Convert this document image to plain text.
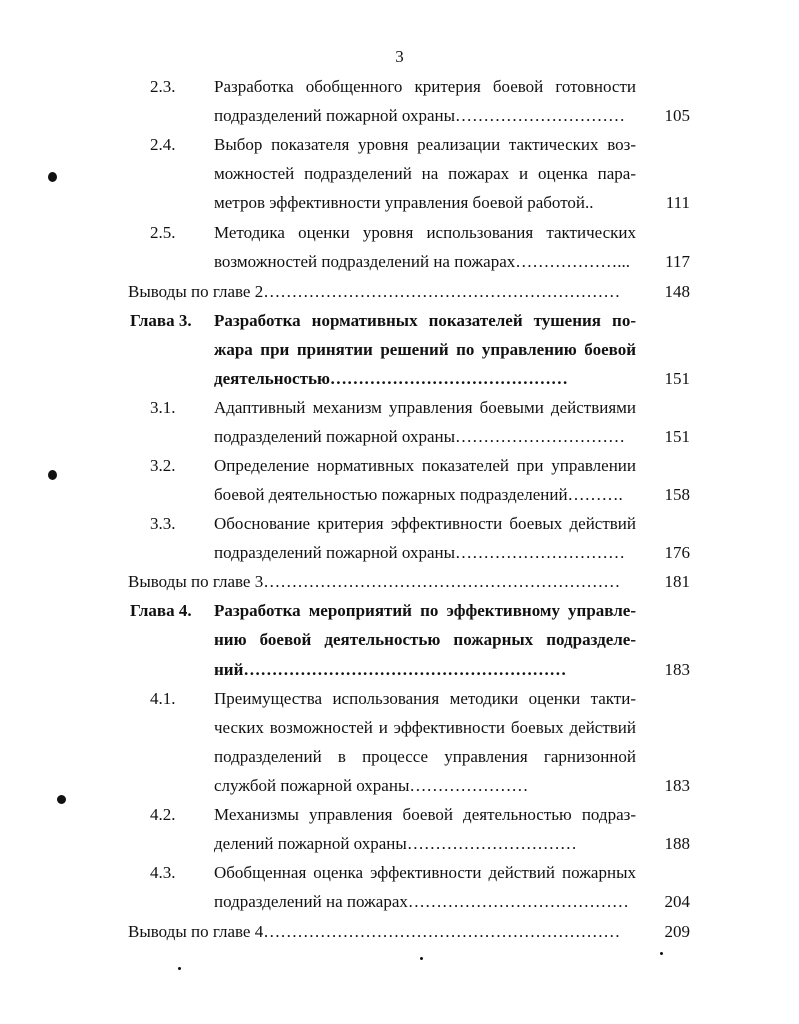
3
2.3. Разработка обобщенного критерия боевой готовности
подразделений пожарной охраны………………………… 105
2.4. Выбор показателя уровня реализации тактических воз-
можностей подразделений на пожарах и оценка пара-
метров эффективности управления боевой работой..	111
2.5. Методика оценки уровня использования тактических
возможностей подразделений на пожарах………………...	117
Выводы по главе 2………………………………………………………	148
Глава 3. Разработка нормативных показателей тушения по-
жара при принятии решений по управлению боевой
деятельностью……………………………………	151
3.1. Адаптивный механизм управления боевыми действиями
подразделений пожарной охраны………………………… 151
3.2. Определение нормативных показателей при управлении
боевой деятельностью пожарных подразделений………. 158
3.3. Обоснование критерия эффективности боевых действий
подразделений пожарной охраны………………………… 176
Выводы по главе 3………………………………………………………	181
Глава 4. Разработка мероприятий по эффективному управле-
нию боевой деятельностью пожарных подразделе-
ний…………………………………………………	183
4.1. Преимущества использования методики оценки такти-
ческих возможностей и эффективности боевых действий
подразделений в процессе управления гарнизонной
службой пожарной охраны…………………	183
4.2. Механизмы управления боевой деятельностью подраз-
делений пожарной охраны…………………………	188
4.3. Обобщенная оценка эффективности действий пожарных
подразделений на пожарах………………………………… 204
Выводы по главе 4………………………………………………………	209
